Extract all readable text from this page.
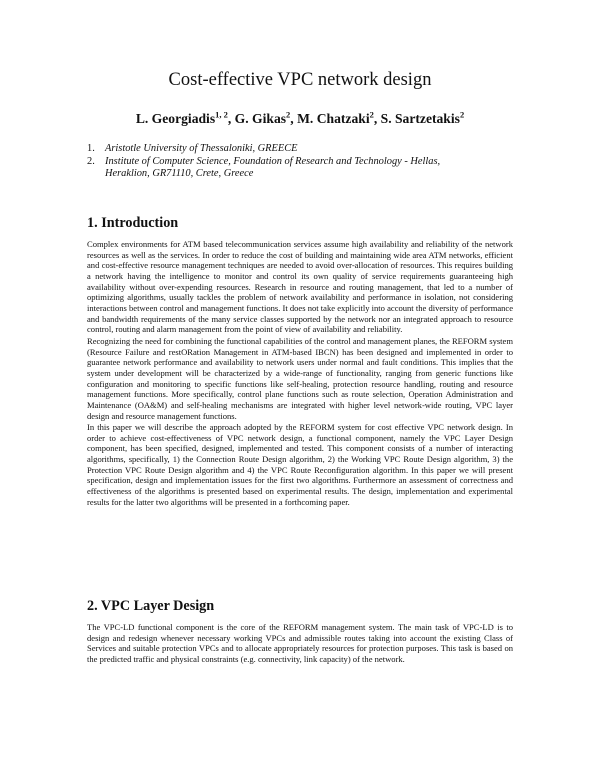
Cost-effective VPC network design
L. Georgiadis$^{1, 2}$, G. Gikas$^2$, M. Chatzaki$^2$, S. Sartzetakis$^2$
1. Aristotle University of Thessaloniki, GREECE
2. Institute of Computer Science, Foundation of Research and Technology - Hellas,
Heraklion, GR71110, Crete, Greece
1. Introduction

Complex environments for ATM based telecommunication services assume high availability and reliability of the network resources as well as the services. In order to reduce the cost of building and maintaining wide area ATM networks, efficient and cost-effective resource management techniques are needed to avoid over-allocation of resources. This requires building a network having the intelligence to monitor and control its own quality of service requirements guaranteeing high availability without over-expending resources. Research in resource and routing management, that led to a number of optimizing algorithms, usually tackles the problem of network availability and performance in isolation, not considering interactions between control and management functions. It does not take explicitly into account the diversity of performance and bandwidth requirements of the many service classes supported by the network nor an integrated approach to resource control, routing and alarm management from the point of view of availability and reliability.

Recognizing the need for combining the functional capabilities of the control and management planes, the REFORM system (Resource Failure and restORation Management in ATM-based IBCN) has been designed and implemented in order to guarantee network performance and availability to network users under normal and fault conditions. This implies that the system under development will be characterized by a wide-range of functionality, ranging from generic functions like configuration and monitoring to specific functions like self-healing, protection resource handling, routing and resource management functions. More specifically, control plane functions such as route selection, Operation Administration and Maintenance (OA&M) and self-healing mechanisms are integrated with higher level network-wide routing, VPC layer design and resource management functions.

In this paper we will describe the approach adopted by the REFORM system for cost effective VPC network design. In order to achieve cost-effectiveness of VPC network design, a functional component, namely the VPC Layer Design component, has been specified, designed, implemented and tested. This component consists of a number of interacting algorithms, specifically, 1) the Connection Route Design algorithm, 2) the Working VPC Route Design algorithm, 3) the Protection VPC Route Design algorithm and 4) the VPC Route Reconfiguration algorithm. In this paper we will present specification, design and implementation issues for the first two algorithms. Furthermore an assessment of correctness and effectiveness of the algorithms is presented based on experimental results. The design, implementation and experimental results for the latter two algorithms will be presented in a forthcoming paper.

2. VPC Layer Design

The VPC-LD functional component is the core of the REFORM management system. The main task of VPC-LD is to design and redesign whenever necessary working VPCs and admissible routes taking into account the existing Class of Services and suitable protection VPCs and to allocate appropriately resources for protection purposes. This task is based on the predicted traffic and physical constraints (e.g. connectivity, link capacity) of the network.
